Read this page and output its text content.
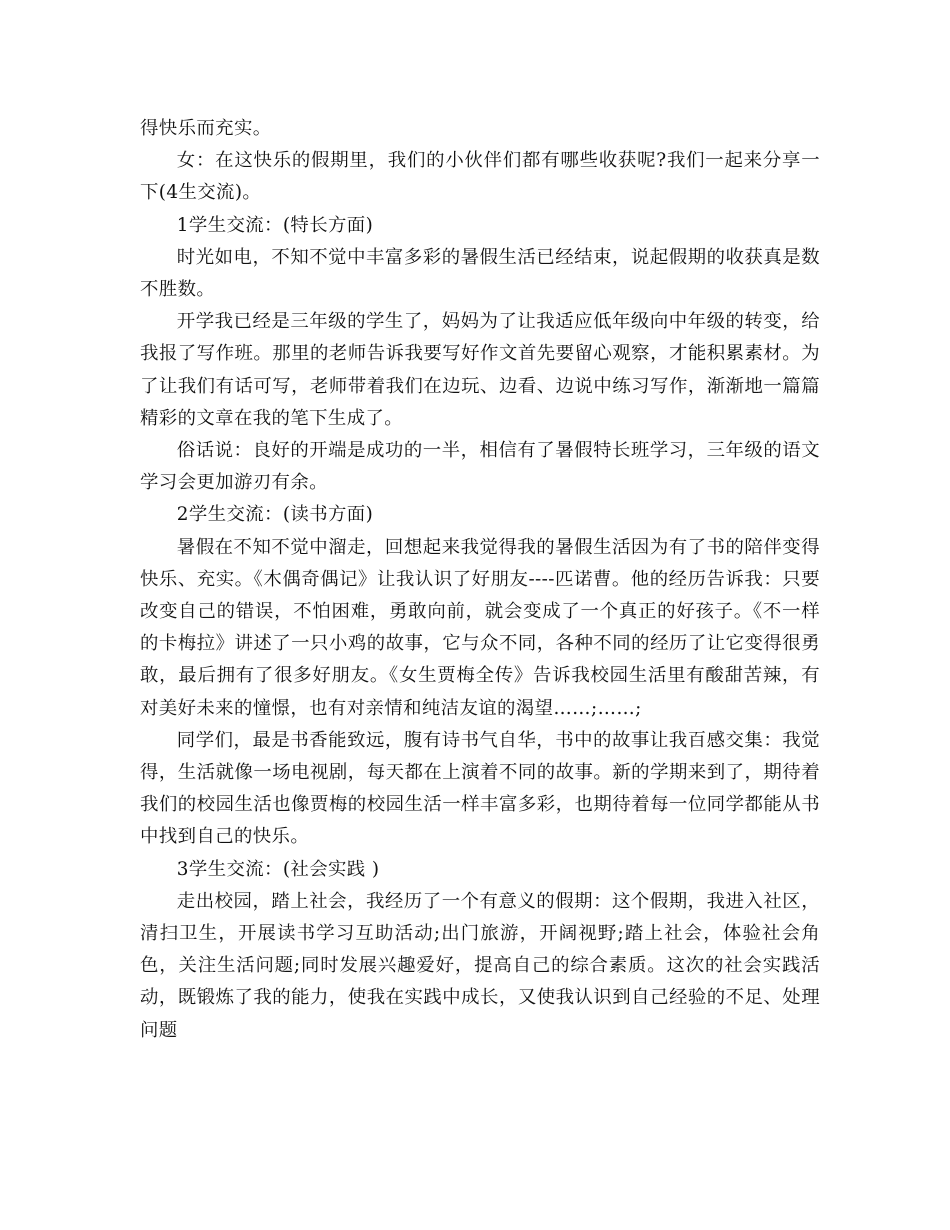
得快乐而充实。

女：在这快乐的假期里，我们的小伙伴们都有哪些收获呢?我们一起来分享一下(4生交流)。

1学生交流：(特长方面)

时光如电，不知不觉中丰富多彩的暑假生活已经结束，说起假期的收获真是数不胜数。

开学我已经是三年级的学生了，妈妈为了让我适应低年级向中年级的转变，给我报了写作班。那里的老师告诉我要写好作文首先要留心观察，才能积累素材。为了让我们有话可写，老师带着我们在边玩、边看、边说中练习写作，渐渐地一篇篇精彩的文章在我的笔下生成了。

俗话说：良好的开端是成功的一半，相信有了暑假特长班学习，三年级的语文学习会更加游刃有余。

2学生交流：(读书方面)

暑假在不知不觉中溜走，回想起来我觉得我的暑假生活因为有了书的陪伴变得快乐、充实。《木偶奇偶记》让我认识了好朋友----匹诺曹。他的经历告诉我：只要改变自己的错误，不怕困难，勇敢向前，就会变成了一个真正的好孩子。《不一样的卡梅拉》讲述了一只小鸡的故事，它与众不同，各种不同的经历了让它变得很勇敢，最后拥有了很多好朋友。《女生贾梅全传》告诉我校园生活里有酸甜苦辣，有对美好未来的憧憬，也有对亲情和纯洁友谊的渴望……;……;

同学们，最是书香能致远，腹有诗书气自华，书中的故事让我百感交集：我觉得，生活就像一场电视剧，每天都在上演着不同的故事。新的学期来到了，期待着我们的校园生活也像贾梅的校园生活一样丰富多彩，也期待着每一位同学都能从书中找到自己的快乐。

3学生交流：(社会实践 )

走出校园，踏上社会，我经历了一个有意义的假期：这个假期，我进入社区，清扫卫生，开展读书学习互助活动;出门旅游，开阔视野;踏上社会，体验社会角色，关注生活问题;同时发展兴趣爱好，提高自己的综合素质。这次的社会实践活动，既锻炼了我的能力，使我在实践中成长，又使我认识到自己经验的不足、处理问题
